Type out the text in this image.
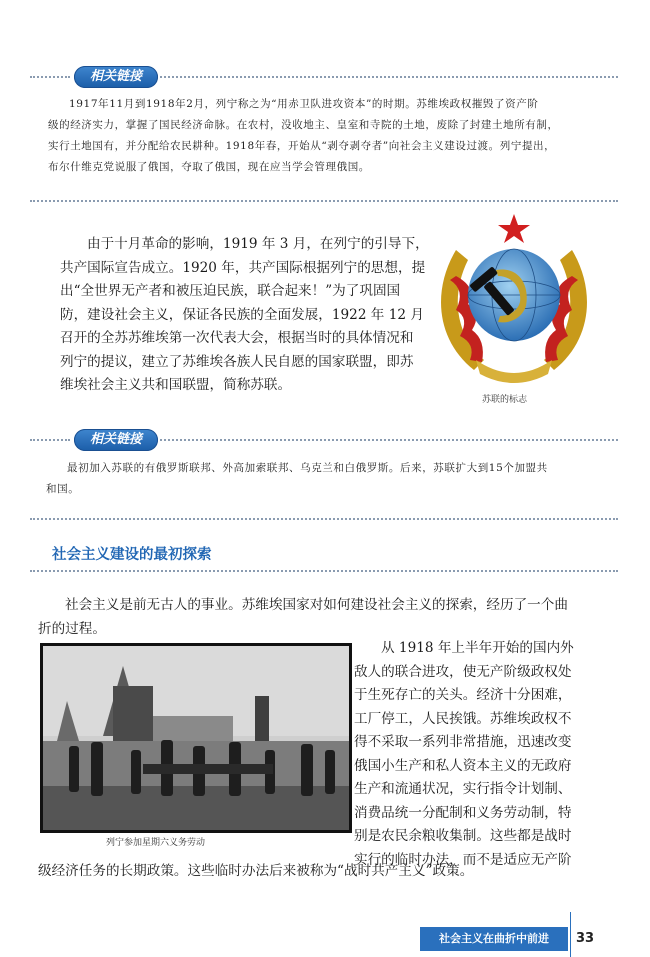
相关链接
1917年11月到1918年2月，列宁称之为“用赤卫队进攻资本”的时期。苏维埃政权摧毁了资产阶
级的经济实力，掌握了国民经济命脉。在农村，没收地主、皇室和寺院的土地，废除了封建土地所有制，
实行土地国有，并分配给农民耕种。1918年春，开始从“剥夺剥夺者”向社会主义建设过渡。列宁提出，
布尔什维克党说服了俄国，夺取了俄国，现在应当学会管理俄国。
由于十月革命的影响，1919 年 3 月，在列宁的引导下，
共产国际宣告成立。1920 年，共产国际根据列宁的思想，提
出“全世界无产者和被压迫民族，联合起来！”为了巩固国
防，建设社会主义，保证各民族的全面发展，1922 年 12 月
召开的全苏苏维埃第一次代表大会，根据当时的具体情况和
列宁的提议，建立了苏维埃各族人民自愿的国家联盟，即苏
维埃社会主义共和国联盟，简称苏联。
苏联的标志
相关链接
最初加入苏联的有俄罗斯联邦、外高加索联邦、乌克兰和白俄罗斯。后来，苏联扩大到15个加盟共
和国。
社会主义建设的最初探索
社会主义是前无古人的事业。苏维埃国家对如何建设社会主义的探索，经历了一个曲
折的过程。
列宁参加星期六义务劳动
从 1918 年上半年开始的国内外
敌人的联合进攻，使无产阶级政权处
于生死存亡的关头。经济十分困难，
工厂停工，人民挨饿。苏维埃政权不
得不采取一系列非常措施，迅速改变
俄国小生产和私人资本主义的无政府
生产和流通状况，实行指令计划制、
消费品统一分配制和义务劳动制，特
别是农民余粮收集制。这些都是战时
实行的临时办法，而不是适应无产阶
级经济任务的长期政策。这些临时办法后来被称为“战时共产主义”政策。
社会主义在曲折中前进	33
